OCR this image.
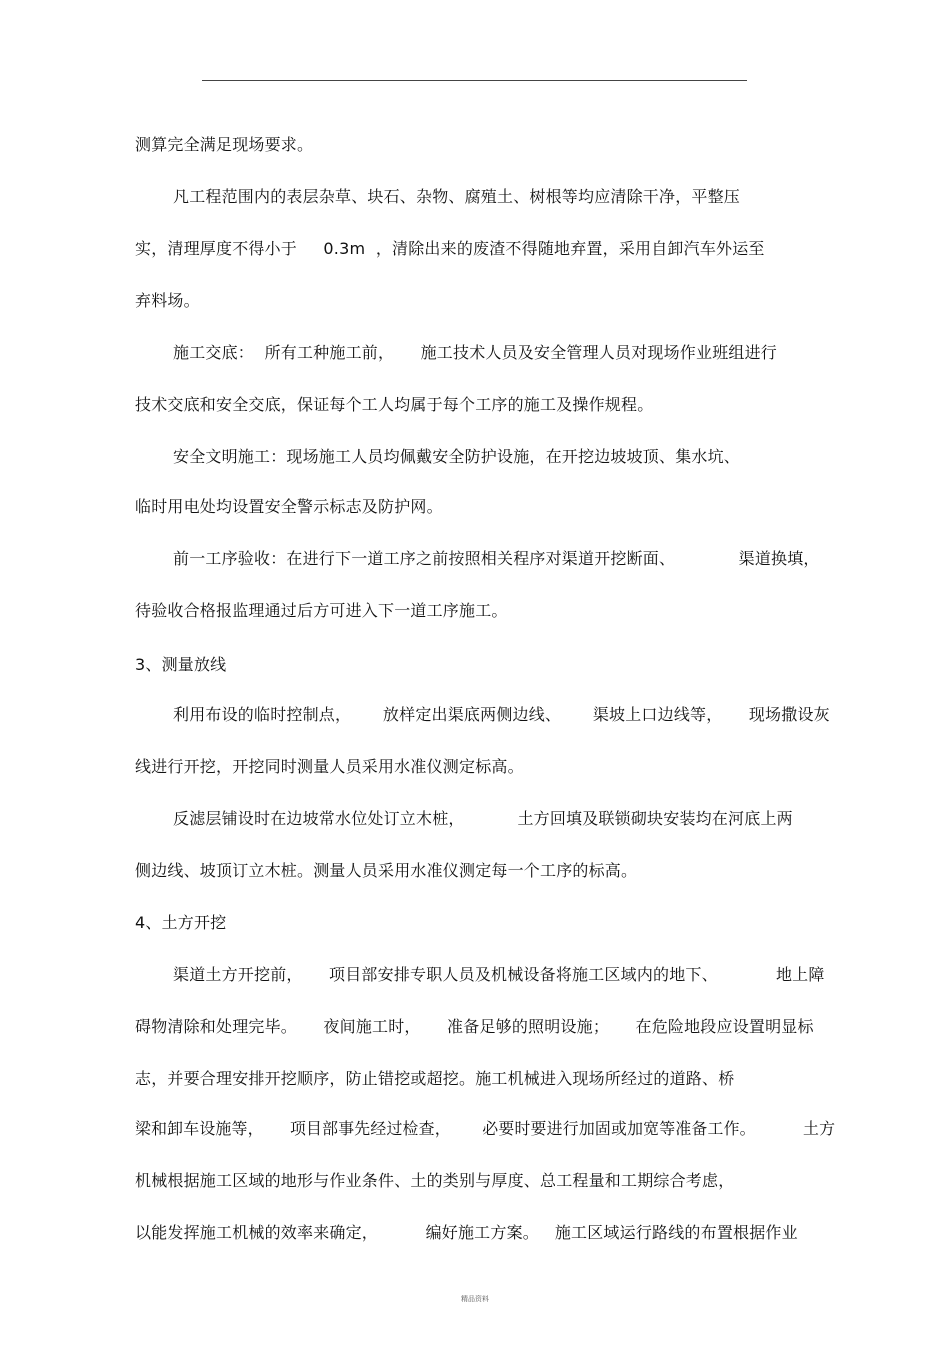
测算完全满足现场要求。
凡工程范围内的表层杂草、块石、杂物、腐殖土、树根等均应清除干净，平整压
实，清理厚度不得小于     0.3m  ，清除出来的废渣不得随地弃置，采用自卸汽车外运至
弃料场。
施工交底：  所有工种施工前，     施工技术人员及安全管理人员对现场作业班组进行
技术交底和安全交底，保证每个工人均属于每个工序的施工及操作规程。
安全文明施工：现场施工人员均佩戴安全防护设施，在开挖边坡坡顶、集水坑、
临时用电处均设置安全警示标志及防护网。
前一工序验收：在进行下一道工序之前按照相关程序对渠道开挖断面、            渠道换填，
待验收合格报监理通过后方可进入下一道工序施工。
3、测量放线
利用布设的临时控制点，      放样定出渠底两侧边线、      渠坡上口边线等，     现场撒设灰
线进行开挖，开挖同时测量人员采用水准仪测定标高。
反滤层铺设时在边坡常水位处订立木桩，          土方回填及联锁砌块安装均在河底上两
侧边线、坡顶订立木桩。测量人员采用水准仪测定每一个工序的标高。
4、土方开挖
渠道土方开挖前，     项目部安排专职人员及机械设备将施工区域内的地下、           地上障
碍物清除和处理完毕。     夜间施工时，     准备足够的照明设施；     在危险地段应设置明显标
志，并要合理安排开挖顺序，防止错挖或超挖。施工机械进入现场所经过的道路、桥
梁和卸车设施等，     项目部事先经过检查，      必要时要进行加固或加宽等准备工作。         土方
机械根据施工区域的地形与作业条件、土的类别与厚度、总工程量和工期综合考虑，
以能发挥施工机械的效率来确定，         编好施工方案。   施工区域运行路线的布置根据作业
精品资料
